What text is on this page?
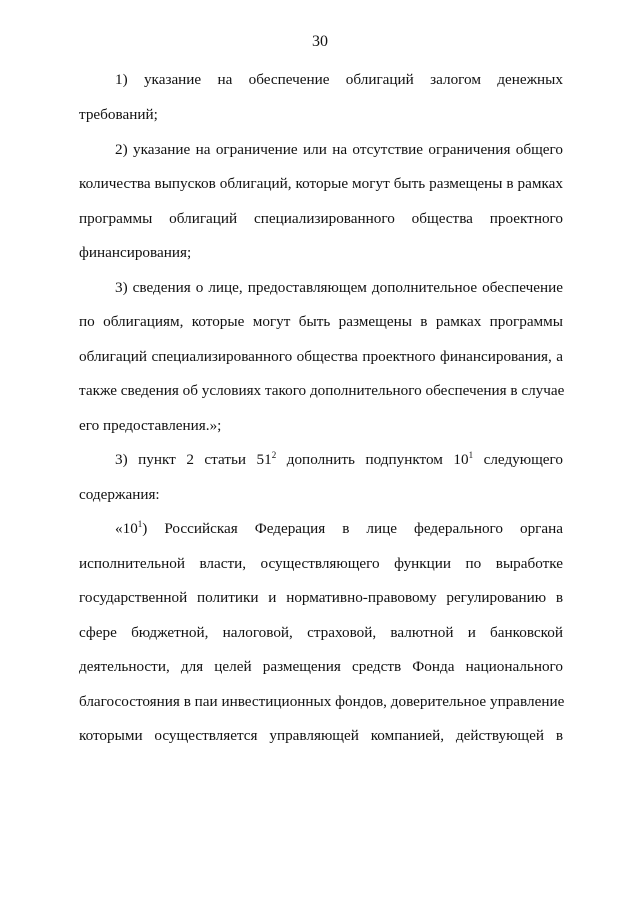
30
1) указание на обеспечение облигаций залогом денежных
требований;
2) указание на ограничение или на отсутствие ограничения общего
количества выпусков облигаций, которые могут быть размещены в рамках
программы облигаций специализированного общества проектного
финансирования;
3) сведения о лице, предоставляющем дополнительное обеспечение
по облигациям, которые могут быть размещены в рамках программы
облигаций специализированного общества проектного финансирования, а
также сведения об условиях такого дополнительного обеспечения в случае
его предоставления.»;
3) пункт 2 статьи $51^2$ дополнить подпунктом $10^1$ следующего
содержания:
«$10^1$) Российская Федерация в лице федерального органа
исполнительной власти, осуществляющего функции по выработке
государственной политики и нормативно-правовому регулированию в
сфере бюджетной, налоговой, страховой, валютной и банковской
деятельности, для целей размещения средств Фонда национального
благосостояния в паи инвестиционных фондов, доверительное управление
которыми осуществляется управляющей компанией, действующей в
